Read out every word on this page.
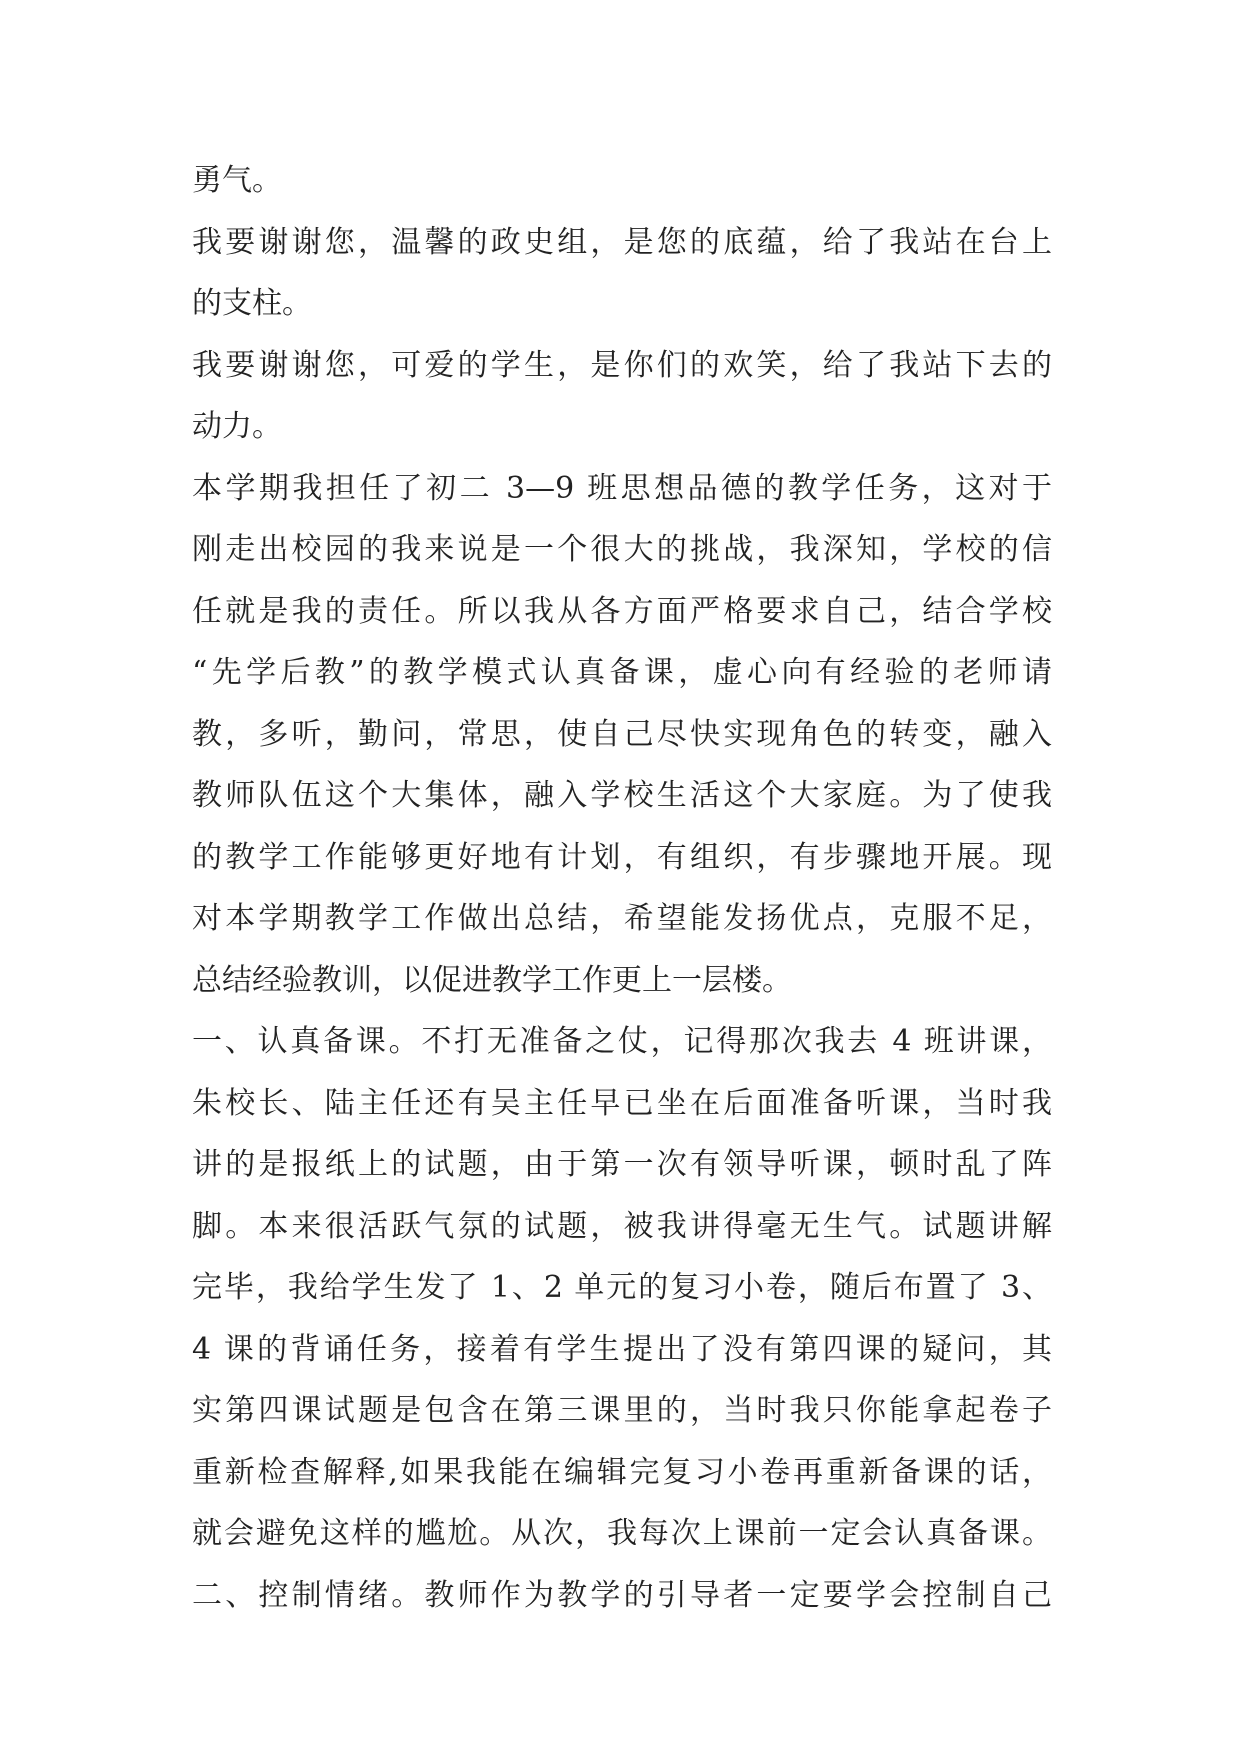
勇气。
我要谢谢您，温馨的政史组，是您的底蕴，给了我站在台上
的支柱。
我要谢谢您，可爱的学生，是你们的欢笑，给了我站下去的
动力。
本学期我担任了初二 3—9 班思想品德的教学任务，这对于
刚走出校园的我来说是一个很大的挑战，我深知，学校的信
任就是我的责任。所以我从各方面严格要求自己，结合学校
“先学后教”的教学模式认真备课，虚心向有经验的老师请
教，多听，勤问，常思，使自己尽快实现角色的转变，融入
教师队伍这个大集体，融入学校生活这个大家庭。为了使我
的教学工作能够更好地有计划，有组织，有步骤地开展。现
对本学期教学工作做出总结，希望能发扬优点，克服不足，
总结经验教训，以促进教学工作更上一层楼。
一、认真备课。不打无准备之仗，记得那次我去 4 班讲课，
朱校长、陆主任还有吴主任早已坐在后面准备听课，当时我
讲的是报纸上的试题，由于第一次有领导听课，顿时乱了阵
脚。本来很活跃气氛的试题，被我讲得毫无生气。试题讲解
完毕，我给学生发了 1、2 单元的复习小卷，随后布置了 3、
4 课的背诵任务，接着有学生提出了没有第四课的疑问，其
实第四课试题是包含在第三课里的，当时我只你能拿起卷子
重新检查解释,如果我能在编辑完复习小卷再重新备课的话，
就会避免这样的尴尬。从次，我每次上课前一定会认真备课。
二、控制情绪。教师作为教学的引导者一定要学会控制自己
